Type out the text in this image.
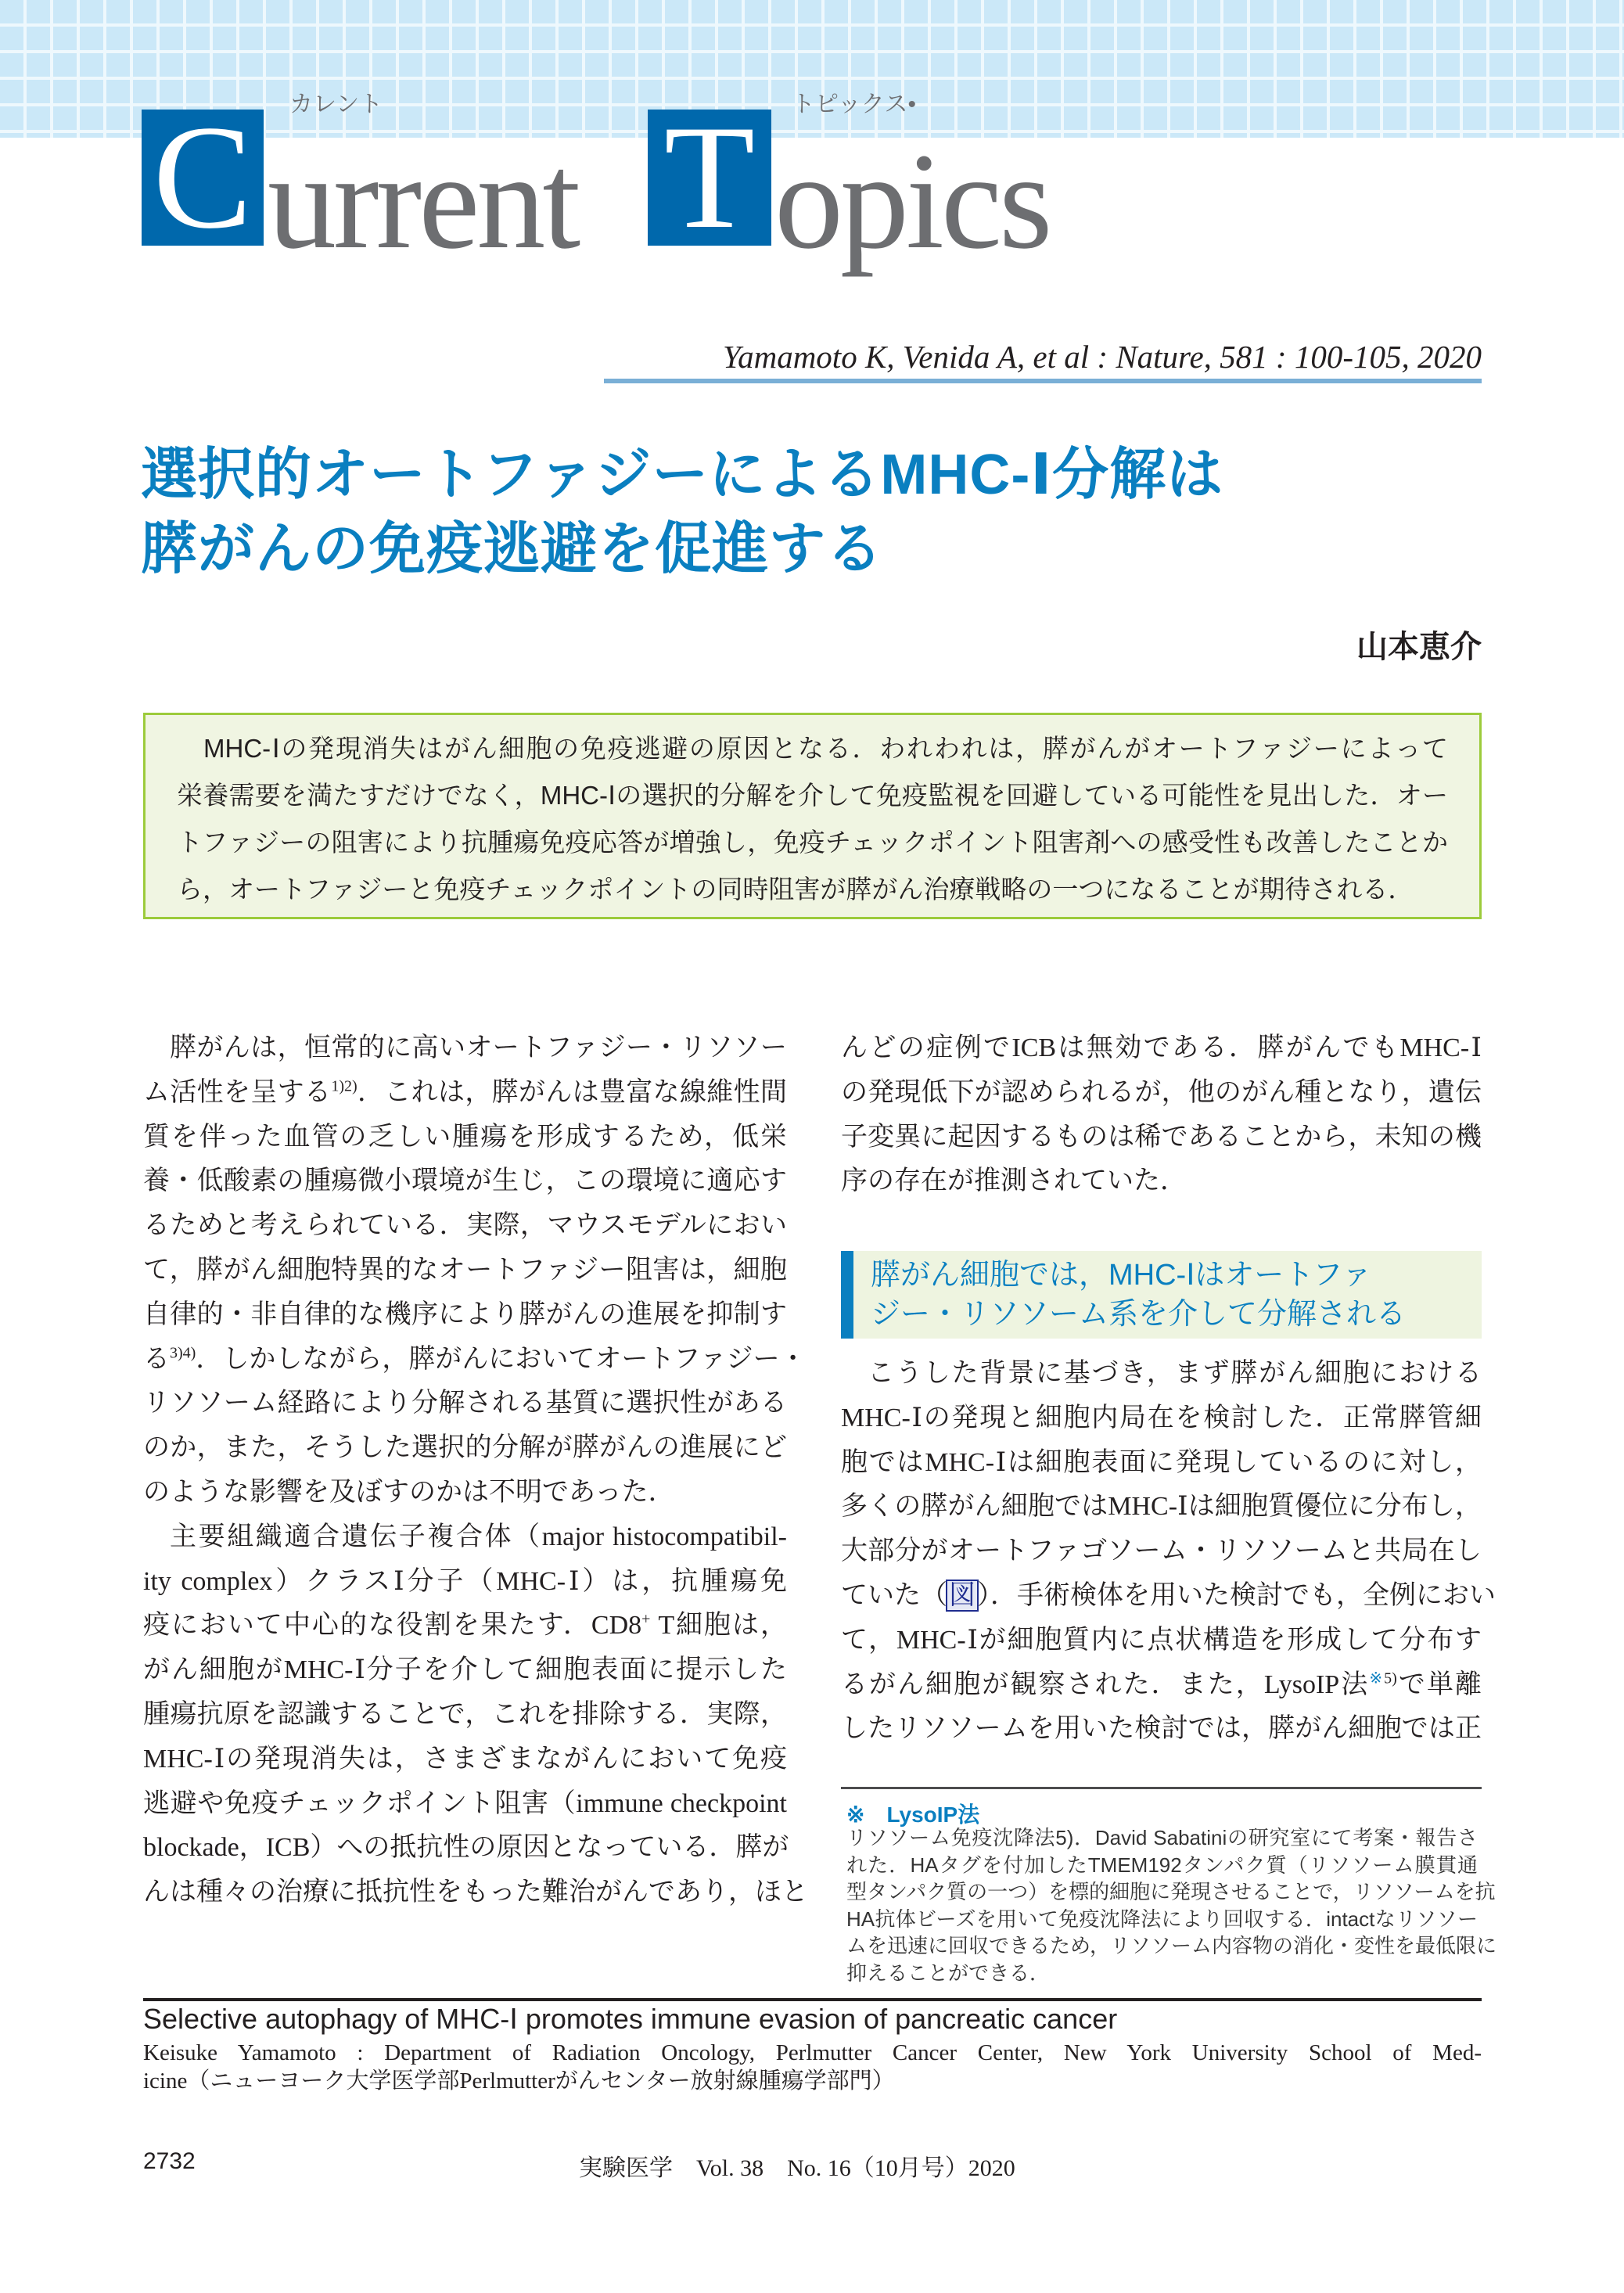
C	カレント
urrent T	トピックス•
opics
Yamamoto K, Venida A, et al : Nature, 581 : 100-105, 2020
選択的オートファジーによるMHC-Ⅰ分解は
膵がんの免疫逃避を促進する
山本恵介
MHC-Ⅰの発現消失はがん細胞の免疫逃避の原因となる．われわれは，膵がんがオートファジーによって
栄養需要を満たすだけでなく，MHC-Ⅰの選択的分解を介して免疫監視を回避している可能性を見出した．オー
トファジーの阻害により抗腫瘍免疫応答が増強し，免疫チェックポイント阻害剤への感受性も改善したことか
ら，オートファジーと免疫チェックポイントの同時阻害が膵がん治療戦略の一つになることが期待される．
膵がんは，恒常的に高いオートファジー・リソソー
ム活性を呈する$^{1)2)}$．これは，膵がんは豊富な線維性間
質を伴った血管の乏しい腫瘍を形成するため，低栄
養・低酸素の腫瘍微小環境が生じ，この環境に適応す
るためと考えられている．実際，マウスモデルにおい
て，膵がん細胞特異的なオートファジー阻害は，細胞
自律的・非自律的な機序により膵がんの進展を抑制す
る$^{3)4)}$．しかしながら，膵がんにおいてオートファジー・
リソソーム経路により分解される基質に選択性がある
のか，また，そうした選択的分解が膵がんの進展にど
のような影響を及ぼすのかは不明であった．
主要組織適合遺伝子複合体（major histocompatibil-
ity complex）クラスⅠ分子（MHC-Ⅰ）は，抗腫瘍免
疫において中心的な役割を果たす．CD8+ T細胞は，
がん細胞がMHC-Ⅰ分子を介して細胞表面に提示した
腫瘍抗原を認識することで，これを排除する．実際，
MHC-Ⅰの発現消失は，さまざまながんにおいて免疫
逃避や免疫チェックポイント阻害（immune checkpoint
blockade，ICB）への抵抗性の原因となっている．膵が
んは種々の治療に抵抗性をもった難治がんであり，ほと
んどの症例でICBは無効である．膵がんでもMHC-Ⅰ
の発現低下が認められるが，他のがん種となり，遺伝
子変異に起因するものは稀であることから，未知の機
序の存在が推測されていた．
膵がん細胞では，MHC-Ⅰはオートファ
ジー・リソソーム系を介して分解される
こうした背景に基づき，まず膵がん細胞における
MHC-Ⅰの発現と細胞内局在を検討した．正常膵管細
胞ではMHC-Ⅰは細胞表面に発現しているのに対し，
多くの膵がん細胞ではMHC-Ⅰは細胞質優位に分布し，
大部分がオートファゴソーム・リソソームと共局在し
ていた（図）．手術検体を用いた検討でも，全例におい
て，MHC-Ⅰが細胞質内に点状構造を形成して分布す
るがん細胞が観察された．また，LysoIP法$^{※5)}$で単離
したリソソームを用いた検討では，膵がん細胞では正
※　LysoIP法
リソソーム免疫沈降法5)．David Sabatiniの研究室にて考案・報告さ
れた．HAタグを付加したTMEM192タンパク質（リソソーム膜貫通
型タンパク質の一つ）を標的細胞に発現させることで，リソソームを抗
HA抗体ビーズを用いて免疫沈降法により回収する．intactなリソソー
ムを迅速に回収できるため，リソソーム内容物の消化・変性を最低限に
抑えることができる．
Selective autophagy of MHC-Ⅰ promotes immune evasion of pancreatic cancer
Keisuke Yamamoto : Department of Radiation Oncology, Perlmutter Cancer Center, New York University School of Med-
icine（ニューヨーク大学医学部Perlmutterがんセンター放射線腫瘍学部門）
2732	実験医学　Vol. 38　No. 16（10月号）2020
